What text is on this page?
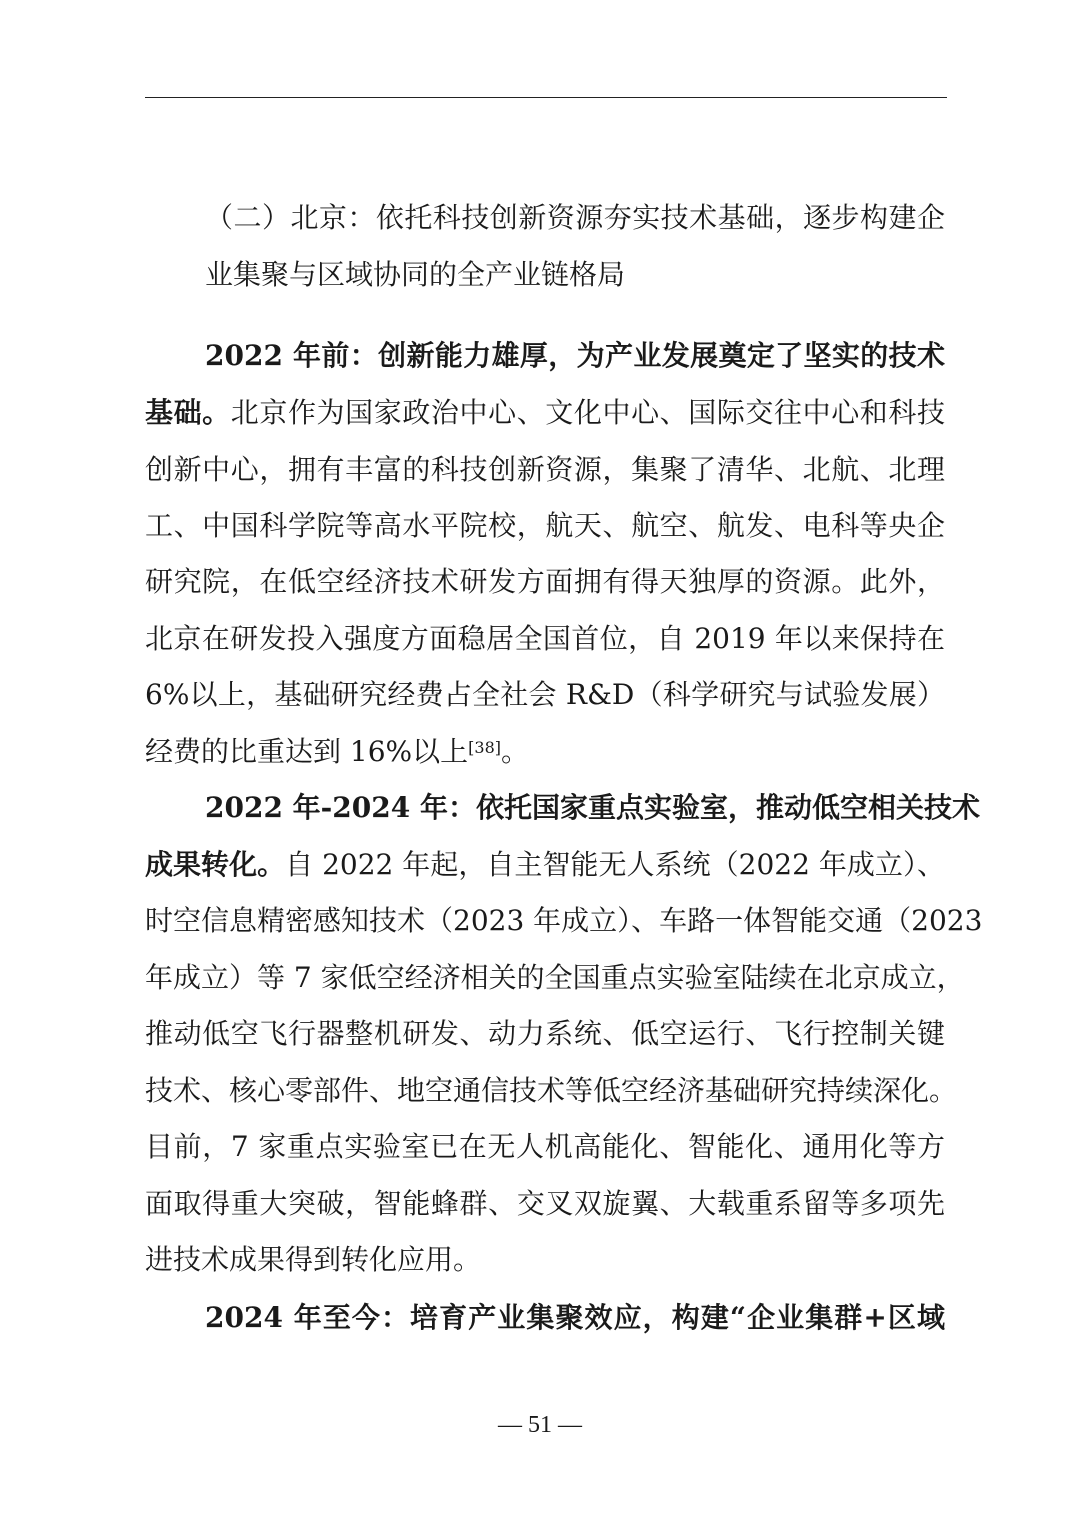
（二）北京：依托科技创新资源夯实技术基础，逐步构建企
业集聚与区域协同的全产业链格局
2022 年前：创新能力雄厚，为产业发展奠定了坚实的技术
基础。北京作为国家政治中心、文化中心、国际交往中心和科技
创新中心，拥有丰富的科技创新资源，集聚了清华、北航、北理
工、中国科学院等高水平院校，航天、航空、航发、电科等央企
研究院，在低空经济技术研发方面拥有得天独厚的资源。此外，
北京在研发投入强度方面稳居全国首位，自 2019 年以来保持在
6%以上，基础研究经费占全社会 R&D（科学研究与试验发展）
经费的比重达到 16%以上[38]。
2022 年-2024 年：依托国家重点实验室，推动低空相关技术
成果转化。自 2022 年起，自主智能无人系统（2022 年成立）、
时空信息精密感知技术（2023 年成立）、车路一体智能交通（2023
年成立）等 7 家低空经济相关的全国重点实验室陆续在北京成立，
推动低空飞行器整机研发、动力系统、低空运行、飞行控制关键
技术、核心零部件、地空通信技术等低空经济基础研究持续深化。
目前，7 家重点实验室已在无人机高能化、智能化、通用化等方
面取得重大突破，智能蜂群、交叉双旋翼、大载重系留等多项先
进技术成果得到转化应用。
2024 年至今：培育产业集聚效应，构建“企业集群+区域
— 51 —
